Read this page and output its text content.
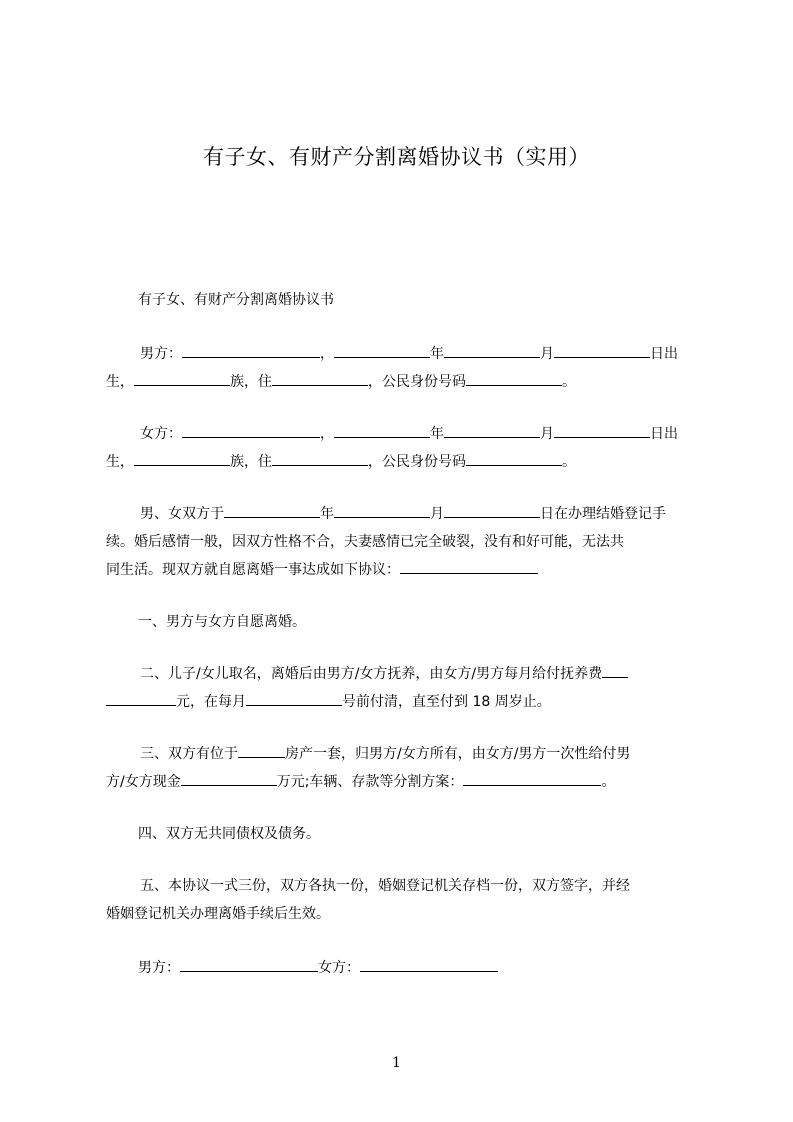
有子女、有财产分割离婚协议书（实用）
有子女、有财产分割离婚协议书
男方：	，	年	月	日出
生，	族，住	，公民身份号码	。
女方：	，	年	月	日出
生，	族，住	，公民身份号码	。
男、女双方于	年	月	日在办理结婚登记手
续。婚后感情一般，因双方性格不合，夫妻感情已完全破裂，没有和好可能，无法共
同生活。现双方就自愿离婚一事达成如下协议：
一、男方与女方自愿离婚。
二、儿子/女儿取名，离婚后由男方/女方抚养，由女方/男方每月给付抚养费
元，在每月	号前付清，直至付到 18 周岁止。
三、双方有位于	房产一套，归男方/女方所有，由女方/男方一次性给付男
方/女方现金	万元;车辆、存款等分割方案：	。
四、双方无共同债权及债务。
五、本协议一式三份，双方各执一份，婚姻登记机关存档一份，双方签字，并经
婚姻登记机关办理离婚手续后生效。
男方：	女方：
1
